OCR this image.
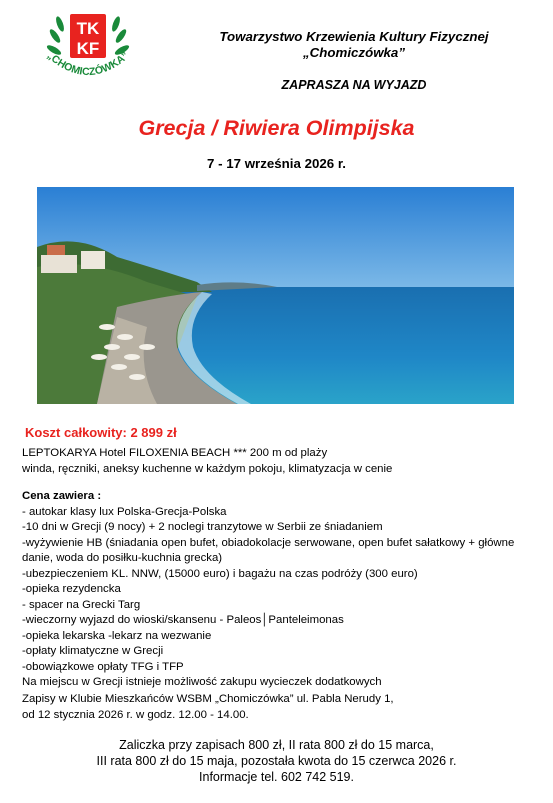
TK
KF
„CHOMICZÓWKA”
Towarzystwo Krzewienia Kultury Fizycznej
„Chomiczówka”
ZAPRASZA NA WYJAZD
Grecja / Riwiera Olimpijska
7 - 17 września 2026 r.
Koszt całkowity: 2 899 zł
LEPTOKARYA Hotel FILOXENIA BEACH *** 200 m od plaży
winda, ręczniki, aneksy kuchenne w każdym pokoju, klimatyzacja w cenie
Cena zawiera :
- autokar klasy lux Polska-Grecja-Polska
-10 dni w Grecji (9 nocy) + 2 noclegi tranzytowe w Serbii ze śniadaniem
-wyżywienie HB (śniadania open bufet, obiadokolacje serwowane, open bufet sałatkowy + główne danie, woda do posiłku-kuchnia grecka)
-ubezpieczeniem KL. NNW, (15000 euro) i bagażu na czas podróży (300 euro)
-opieka rezydencka
- spacer na Grecki Targ
-wieczorny wyjazd do wioski/skansenu - Paleos│Panteleimonas
-opieka lekarska -lekarz na wezwanie
-opłaty klimatyczne w Grecji
-obowiązkowe opłaty TFG i TFP
Na miejscu w Grecji istnieje możliwość zakupu wycieczek dodatkowych
Zapisy w Klubie Mieszkańców WSBM „Chomiczówka” ul. Pabla Nerudy 1,
od 12 stycznia 2026 r. w godz. 12.00 - 14.00.
Zaliczka przy zapisach 800 zł, II rata 800 zł do 15 marca,
III rata 800 zł do 15 maja, pozostała kwota do 15 czerwca 2026 r.
Informacje tel. 602 742 519.
